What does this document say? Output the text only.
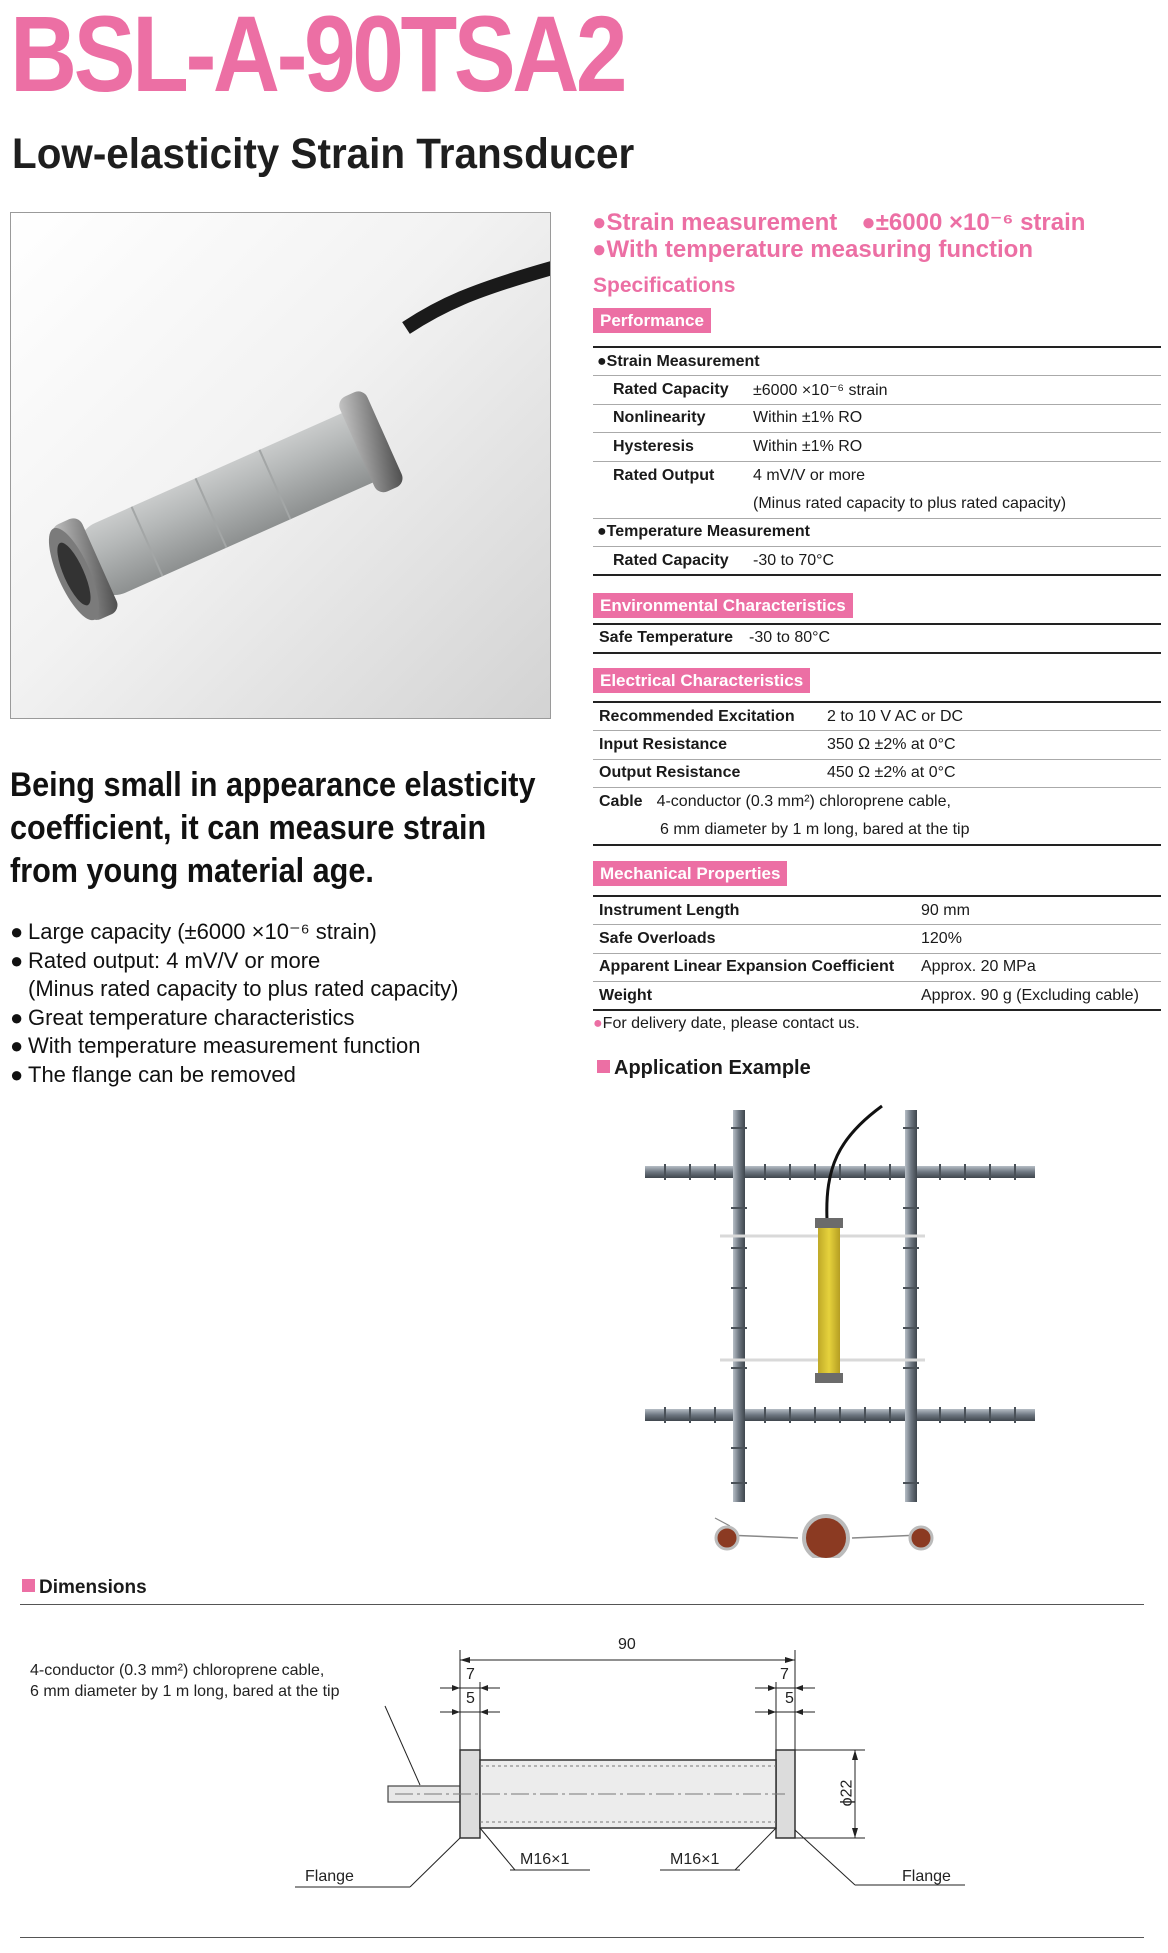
BSL-A-90TSA2
Low-elasticity Strain Transducer
Being small in appearance elasticity
coefficient, it can measure strain
from young material age.
● Large capacity (±6000 ×10⁻⁶ strain)
● Rated output: 4 mV/V or more
(Minus rated capacity to plus rated capacity)
● Great temperature characteristics
● With temperature measurement function
● The flange can be removed
●Strain measurement ●±6000 ×10⁻⁶ strain
●With temperature measuring function
Specifications
Performance
●Strain Measurement	
Rated Capacity	±6000 ×10⁻⁶ strain
Nonlinearity	Within ±1% RO
Hysteresis	Within ±1% RO
Rated Output	4 mV/V or more
	(Minus rated capacity to plus rated capacity)
●Temperature Measurement	
Rated Capacity	-30 to 70°C
Environmental Characteristics
Safe Temperature	-30 to 80°C
Electrical Characteristics
Recommended Excitation	2 to 10 V AC or DC
Input Resistance	350 Ω ±2% at 0°C
Output Resistance	450 Ω ±2% at 0°C
Cable 4-conductor (0.3 mm²) chloroprene cable,	
6 mm diameter by 1 m long, bared at the tip	
Mechanical Properties
Instrument Length	90 mm
Safe Overloads	120%
Apparent Linear Expansion Coefficient	Approx. 20 MPa
Weight	Approx. 90 g (Excluding cable)
●For delivery date, please contact us.
Application Example
Dimensions
4-conductor (0.3 mm²) chloroprene cable,
6 mm diameter by 1 m long, bared at the tip
90
7
5
7
5
ϕ22
M16×1	M16×1
Flange	Flange
